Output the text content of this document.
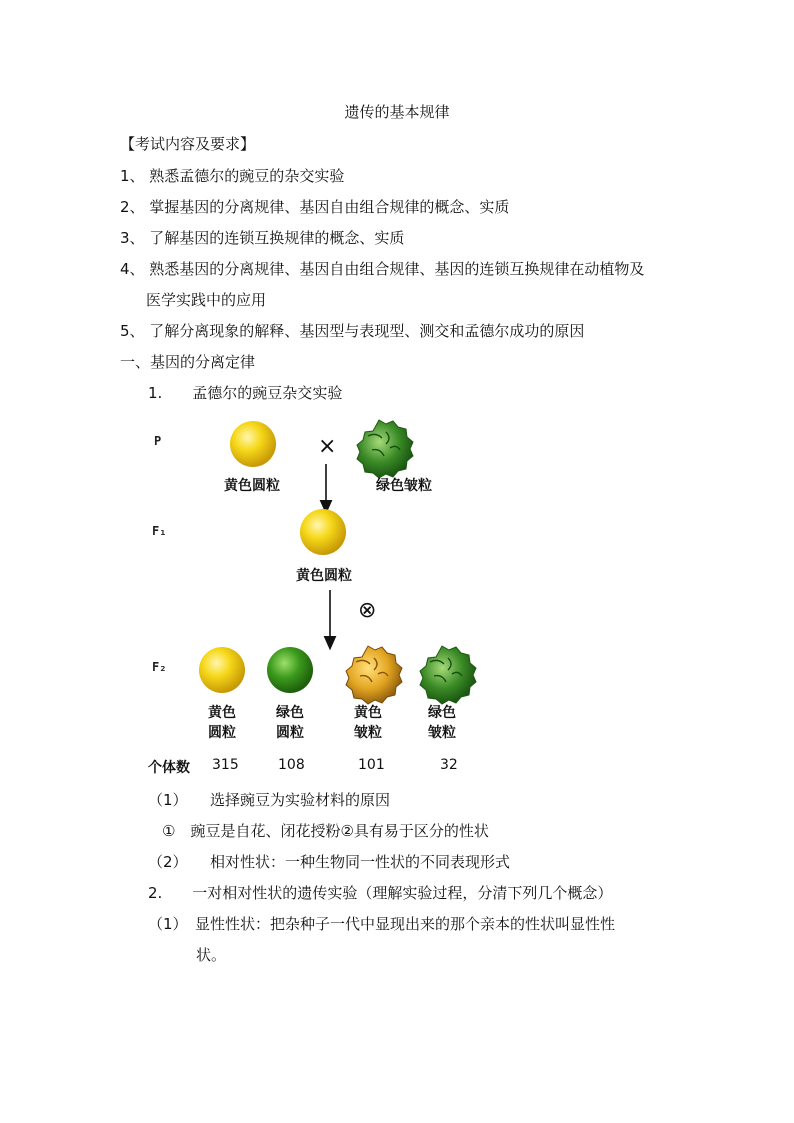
遗传的基本规律
【考试内容及要求】
1、 熟悉孟德尔的豌豆的杂交实验
2、 掌握基因的分离规律、基因自由组合规律的概念、实质
3、 了解基因的连锁互换规律的概念、实质
4、 熟悉基因的分离规律、基因自由组合规律、基因的连锁互换规律在动植物及
医学实践中的应用
5、 了解分离现象的解释、基因型与表现型、测交和孟德尔成功的原因
一、基因的分离定律
1.　　孟德尔的豌豆杂交实验
P
F₁
F₂
×
⊗
黄色圆粒	绿色皱粒
黄色圆粒
黄色
圆粒
绿色
圆粒
黄色
皱粒
绿色
皱粒
个体数 315	108	101	32
（1）　　选择豌豆为实验材料的原因
①　豌豆是自花、闭花授粉②具有易于区分的性状
（2）　　相对性状：一种生物同一性状的不同表现形式
2.　　一对相对性状的遗传实验（理解实验过程，分清下列几个概念）
（1）　显性性状：把杂种子一代中显现出来的那个亲本的性状叫显性性
状。
